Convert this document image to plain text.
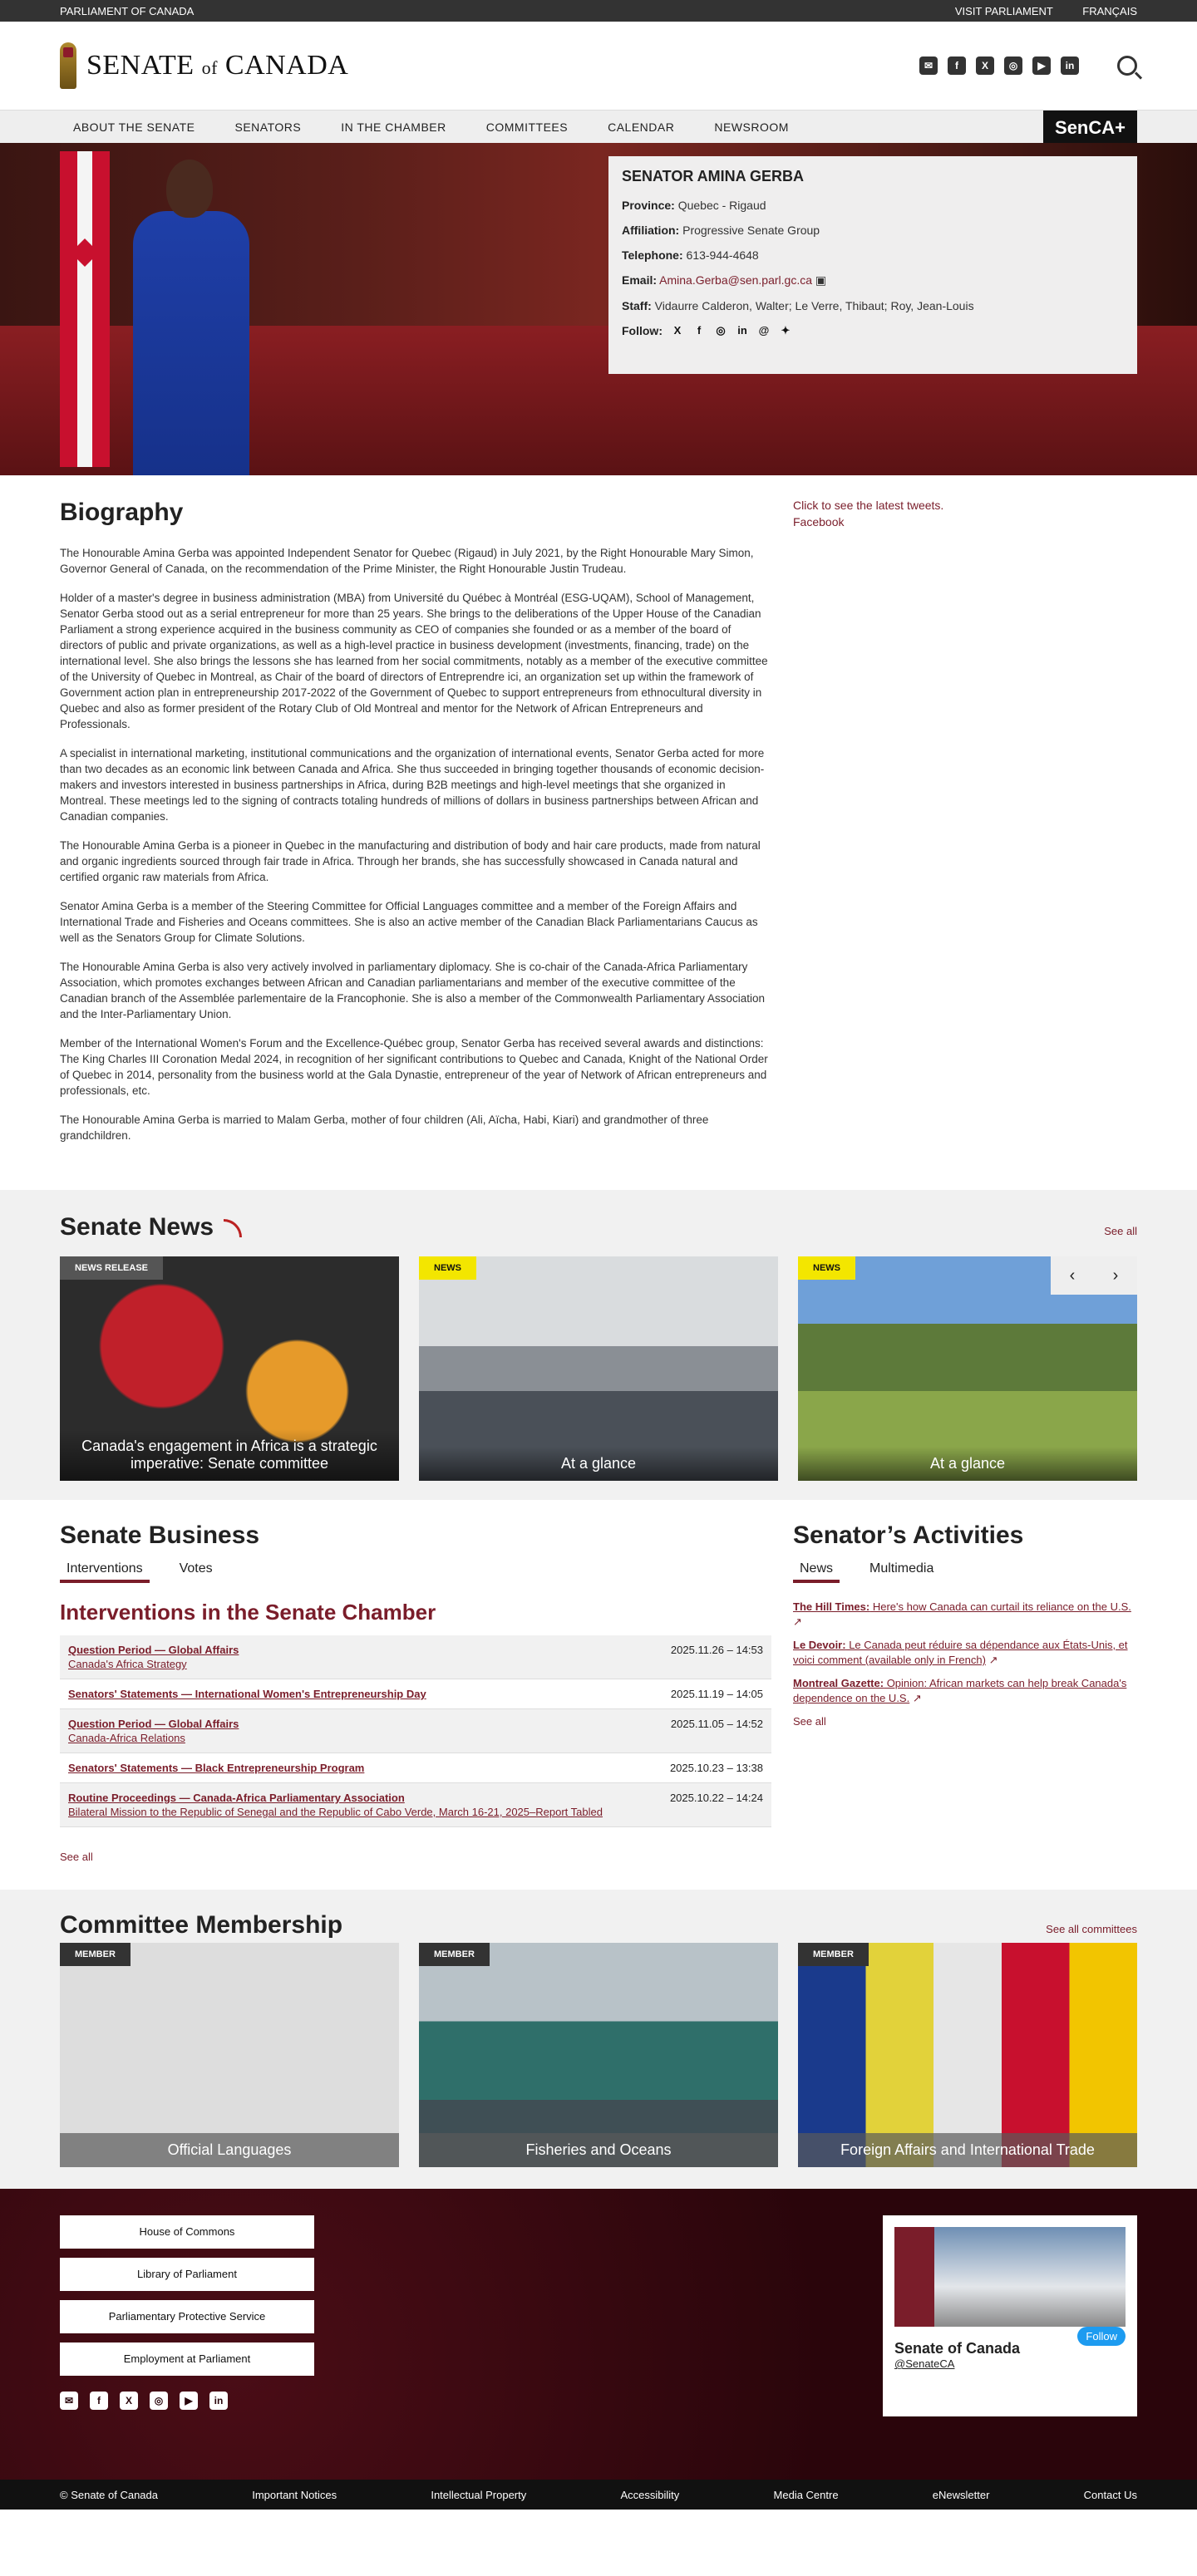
PARLIAMENT OF CANADA	VISIT PARLIAMENT	FRANÇAIS
SENATE of CANADA	✉	f	X	◎	▶	in
ABOUT THE SENATE	SENATORS	IN THE CHAMBER	COMMITTEES	CALENDAR	NEWSROOM	SenCA+
SENATOR AMINA GERBA
Province: Quebec - Rigaud
Affiliation: Progressive Senate Group
Telephone: 613-944-4648
Email: Amina.Gerba@sen.parl.gc.ca ▣
Staff: Vidaurre Calderon, Walter; Le Verre, Thibaut; Roy, Jean-Louis
Follow: X	f	◎ in @ ✦
Biography

The Honourable Amina Gerba was appointed Independent Senator for Quebec (Rigaud) in July 2021, by the Right Honourable Mary Simon, Governor General of Canada, on the recommendation of the Prime Minister, the Right Honourable Justin Trudeau.

Holder of a master's degree in business administration (MBA) from Université du Québec à Montréal (ESG-UQAM), School of Management, Senator Gerba stood out as a serial entrepreneur for more than 25 years. She brings to the deliberations of the Upper House of the Canadian Parliament a strong experience acquired in the business community as CEO of companies she founded or as a member of the board of directors of public and private organizations, as well as a high-level practice in business development (investments, financing, trade) on the international level. She also brings the lessons she has learned from her social commitments, notably as a member of the executive committee of the University of Quebec in Montreal, as Chair of the board of directors of Entreprendre ici, an organization set up within the framework of Government action plan in entrepreneurship 2017-2022 of the Government of Quebec to support entrepreneurs from ethnocultural diversity in Quebec and also as former president of the Rotary Club of Old Montreal and mentor for the Network of African Entrepreneurs and Professionals.

A specialist in international marketing, institutional communications and the organization of international events, Senator Gerba acted for more than two decades as an economic link between Canada and Africa. She thus succeeded in bringing together thousands of economic decision-makers and investors interested in business partnerships in Africa, during B2B meetings and high-level meetings that she organized in Montreal. These meetings led to the signing of contracts totaling hundreds of millions of dollars in business partnerships between African and Canadian companies.

The Honourable Amina Gerba is a pioneer in Quebec in the manufacturing and distribution of body and hair care products, made from natural and organic ingredients sourced through fair trade in Africa. Through her brands, she has successfully showcased in Canada natural and certified organic raw materials from Africa.

Senator Amina Gerba is a member of the Steering Committee for Official Languages committee and a member of the Foreign Affairs and International Trade and Fisheries and Oceans committees. She is also an active member of the Canadian Black Parliamentarians Caucus as well as the Senators Group for Climate Solutions.

The Honourable Amina Gerba is also very actively involved in parliamentary diplomacy. She is co-chair of the Canada-Africa Parliamentary Association, which promotes exchanges between African and Canadian parliamentarians and member of the executive committee of the Canadian branch of the Assemblée parlementaire de la Francophonie. She is also a member of the Commonwealth Parliamentary Association and the Inter-Parliamentary Union.

Member of the International Women's Forum and the Excellence-Québec group, Senator Gerba has received several awards and distinctions: The King Charles III Coronation Medal 2024, in recognition of her significant contributions to Quebec and Canada, Knight of the National Order of Quebec in 2014, personality from the business world at the Gala Dynastie, entrepreneur of the year of Network of African entrepreneurs and professionals, etc.

The Honourable Amina Gerba is married to Malam Gerba, mother of four children (Ali, Aïcha, Habi, Kiari) and grandmother of three grandchildren.

Click to see the latest tweets.
Facebook
Senate News	See all
NEWS RELEASE
Canada's engagement in Africa is a strategic imperative: Senate committee
NEWS
At a glance
NEWS
At a glance
‹	›
Senate Business
Interventions	Votes
Interventions in the Senate Chamber
Question Period — Global Affairs
Canada's Africa Strategy
2025.11.26 – 14:53
Senators' Statements — International Women's Entrepreneurship Day	2025.11.19 – 14:05
Question Period — Global Affairs
Canada-Africa Relations
2025.11.05 – 14:52
Senators' Statements — Black Entrepreneurship Program	2025.10.23 – 13:38
Routine Proceedings — Canada-Africa Parliamentary Association
Bilateral Mission to the Republic of Senegal and the Republic of Cabo Verde, March 16-21, 2025–Report Tabled
2025.10.22 – 14:24
See all
Senator’s Activities
News	Multimedia

The Hill Times: Here's how Canada can curtail its reliance on the U.S. ↗

Le Devoir: Le Canada peut réduire sa dépendance aux États-Unis, et voici comment (available only in French) ↗

Montreal Gazette: Opinion: African markets can help break Canada's dependence on the U.S. ↗

See all
Committee Membership	See all committees
MEMBER
Official Languages
MEMBER
Fisheries and Oceans
MEMBER
Foreign Affairs and International Trade
House of Commons
Library of Parliament
Parliamentary Protective Service
Employment at Parliament
✉	f	X	◎	▶	in
Follow
Senate of Canada
@SenateCA
© Senate of Canada	Important Notices	Intellectual Property	Accessibility	Media Centre	eNewsletter	Contact Us
